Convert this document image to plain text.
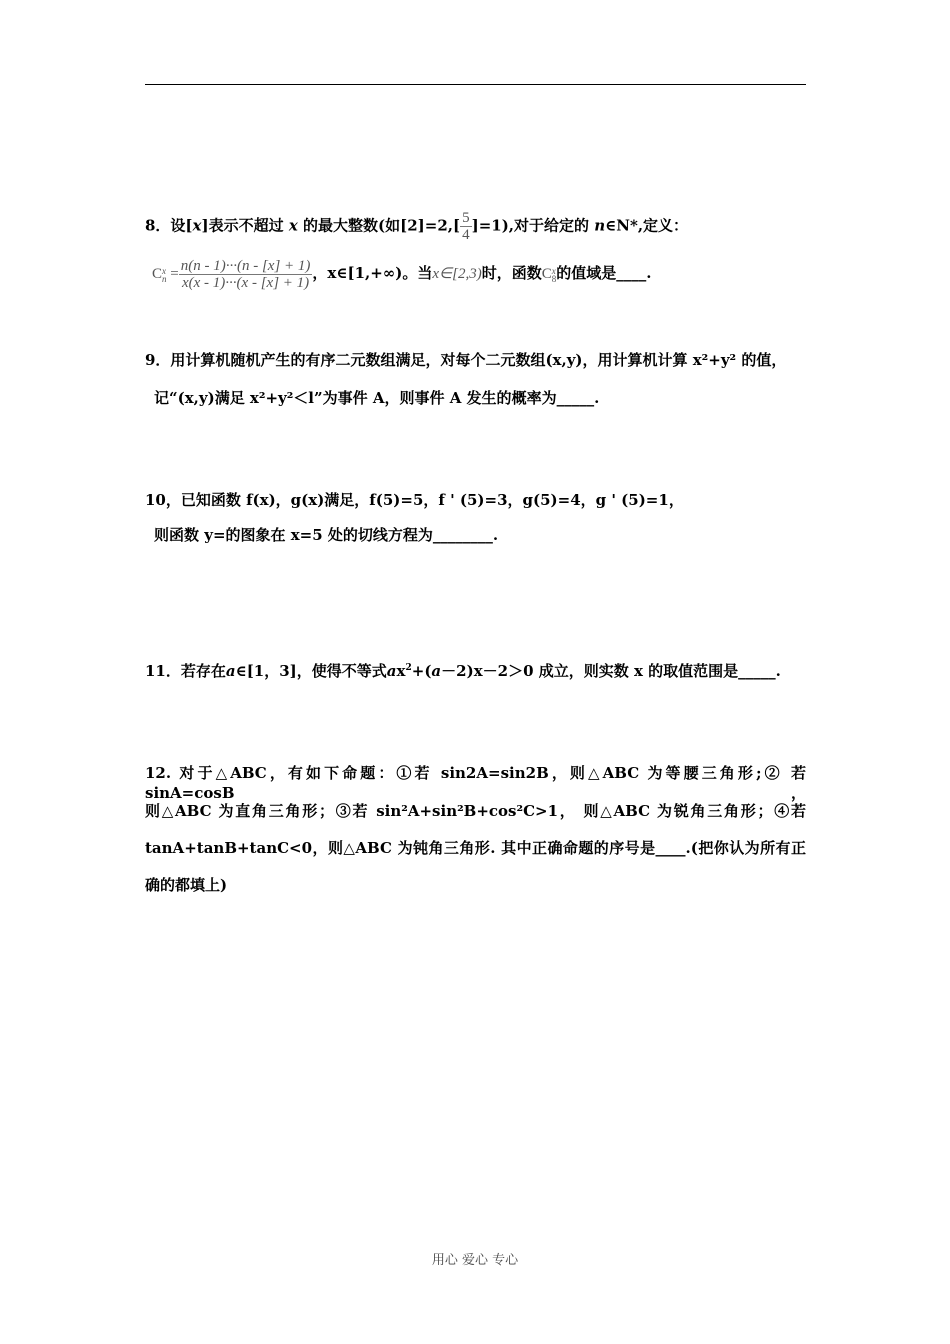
8．设[x]表示不超过 x 的最大整数(如$[2]=2,[ \frac{5}{4} ]=1$),对于给定的 n∈N*,定义：
C x
$n = \frac{n(n - 1)\cdot\cdot\cdot(n - [x] + 1)}{x(x - 1)\cdot\cdot\cdot(x - [x] + 1)}$ ，x∈[1,+∞)。当x∈[2,3)时，函数C x
8 的值域是____.
9．用计算机随机产生的有序二元数组满足，对每个二元数组(x,y)，用计算机计算 x²+y² 的值，
记“(x,y)满足 x²+y²＜l”为事件 A，则事件 A 发生的概率为_____.
10，已知函数 f(x)，g(x)满足，f(5)=5，f ' (5)=3，g(5)=4，g ' (5)=1，
则函数 y=的图象在 x=5 处的切线方程为________.
11．若存在a∈[1，3]，使得不等式$ax^2+(a-2)x-2>0$ 成立，则实数 x 的取值范围是_____.
12. 对于△ABC，有如下命题：①若 sin2A=sin2B，则△ABC 为等腰三角形;② 若 sinA=cosB，
则△ABC 为直角三角形；③若 sin²A+sin²B+cos²C>1， 则△ABC 为锐角三角形；④若
tanA+tanB+tanC<0，则△ABC 为钝角三角形. 其中正确命题的序号是____.(把你认为所有正
确的都填上)
用心 爱心 专心
